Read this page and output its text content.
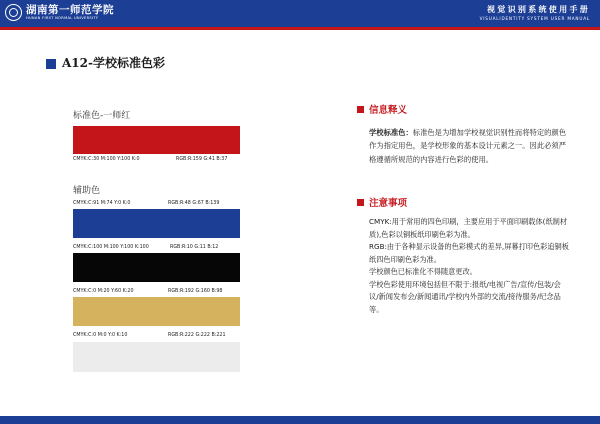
湖南第一师范学院
HUNAN FIRST NORMAL UNIVERSITY
视觉识别系统使用手册
VISUALIDENTITY SYSTEM USER MANUAL
A12-学校标准色彩
标准色-一师红
CMYK:C:30 M:100 Y:100 K:0	RGB:R:159 G:41 B:37
辅助色
CMYK:C:91 M:74 Y:0 K:0	RGB:R:48 G:67 B:139
CMYK:C:100 M:100 Y:100 K:100	RGB:R:10 G:11 B:12
CMYK:C:0 M:20 Y:60 K:20	RGB:R:192 G:160 B:98
CMYK:C:0 M:0 Y:0 K:10	RGB:R:222 G:222 B:221
信息释义
学校标准色：标准色是为增加学校视觉识别性而将特定的颜色作为指定用色，是学校形象的基本设计元素之一。因此必须严格遵循所规范的内容进行色彩的使用。
注意事项

CMYK:用于常用的四色印刷，主要应用于平面印刷载体(纸制材质),色彩以铜板纸印刷色彩为准。

RGB:由于各种显示设备的色彩模式的差异,屏幕打印色彩追铜板纸四色印刷色彩为准。

学校颜色已标准化不得随意更改。

学校色彩使用环境包括但不限于:报纸/电视广告/宣传/包装/会议/新闻发布会/新闻通讯/学校内外部的交流/接待服务/纪念品等。
